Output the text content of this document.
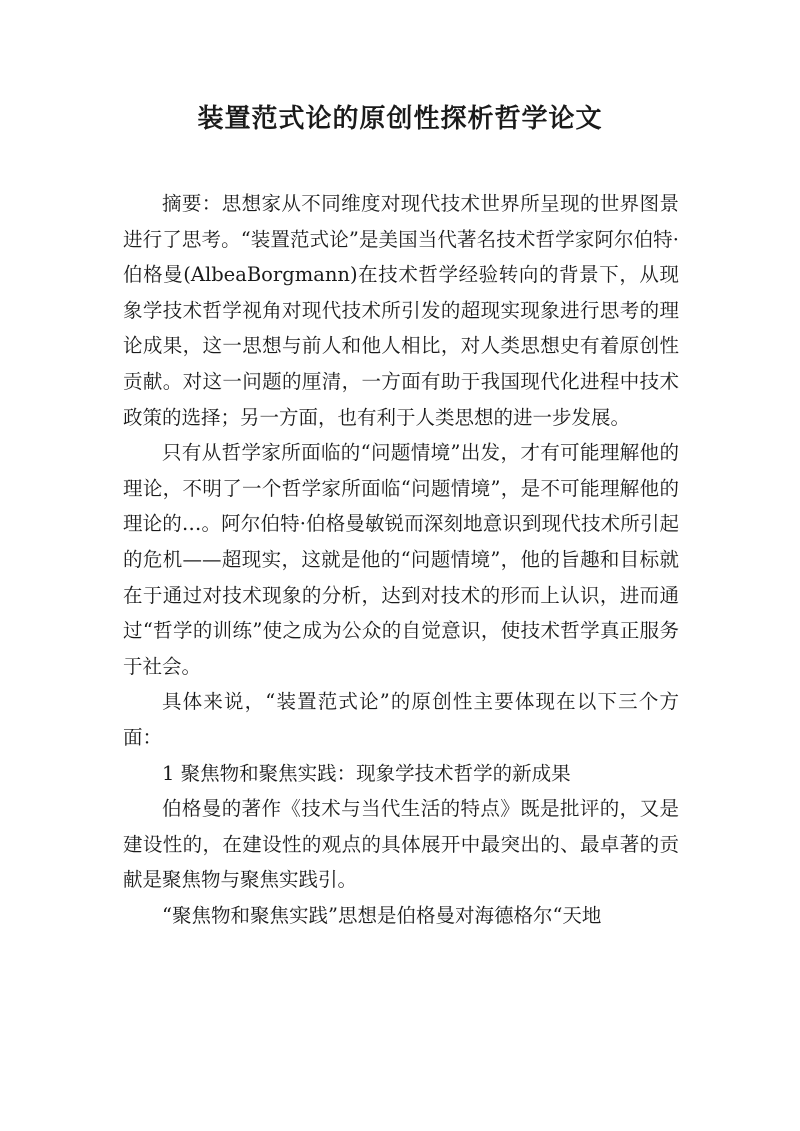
装置范式论的原创性探析哲学论文

摘要：思想家从不同维度对现代技术世界所呈现的世界图景进行了思考。“装置范式论”是美国当代著名技术哲学家阿尔伯特·伯格曼(AlbeaBorgmann)在技术哲学经验转向的背景下，从现象学技术哲学视角对现代技术所引发的超现实现象进行思考的理论成果，这一思想与前人和他人相比，对人类思想史有着原创性贡献。对这一问题的厘清，一方面有助于我国现代化进程中技术政策的选择；另一方面，也有利于人类思想的进一步发展。

只有从哲学家所面临的“问题情境”出发，才有可能理解他的理论，不明了一个哲学家所面临“问题情境”，是不可能理解他的理论的…。阿尔伯特·伯格曼敏锐而深刻地意识到现代技术所引起的危机——超现实，这就是他的“问题情境”，他的旨趣和目标就在于通过对技术现象的分析，达到对技术的形而上认识，进而通过“哲学的训练”使之成为公众的自觉意识，使技术哲学真正服务于社会。

具体来说，“装置范式论”的原创性主要体现在以下三个方面：

1 聚焦物和聚焦实践：现象学技术哲学的新成果

伯格曼的著作《技术与当代生活的特点》既是批评的，又是建设性的，在建设性的观点的具体展开中最突出的、最卓著的贡献是聚焦物与聚焦实践引。

“聚焦物和聚焦实践”思想是伯格曼对海德格尔“天地
